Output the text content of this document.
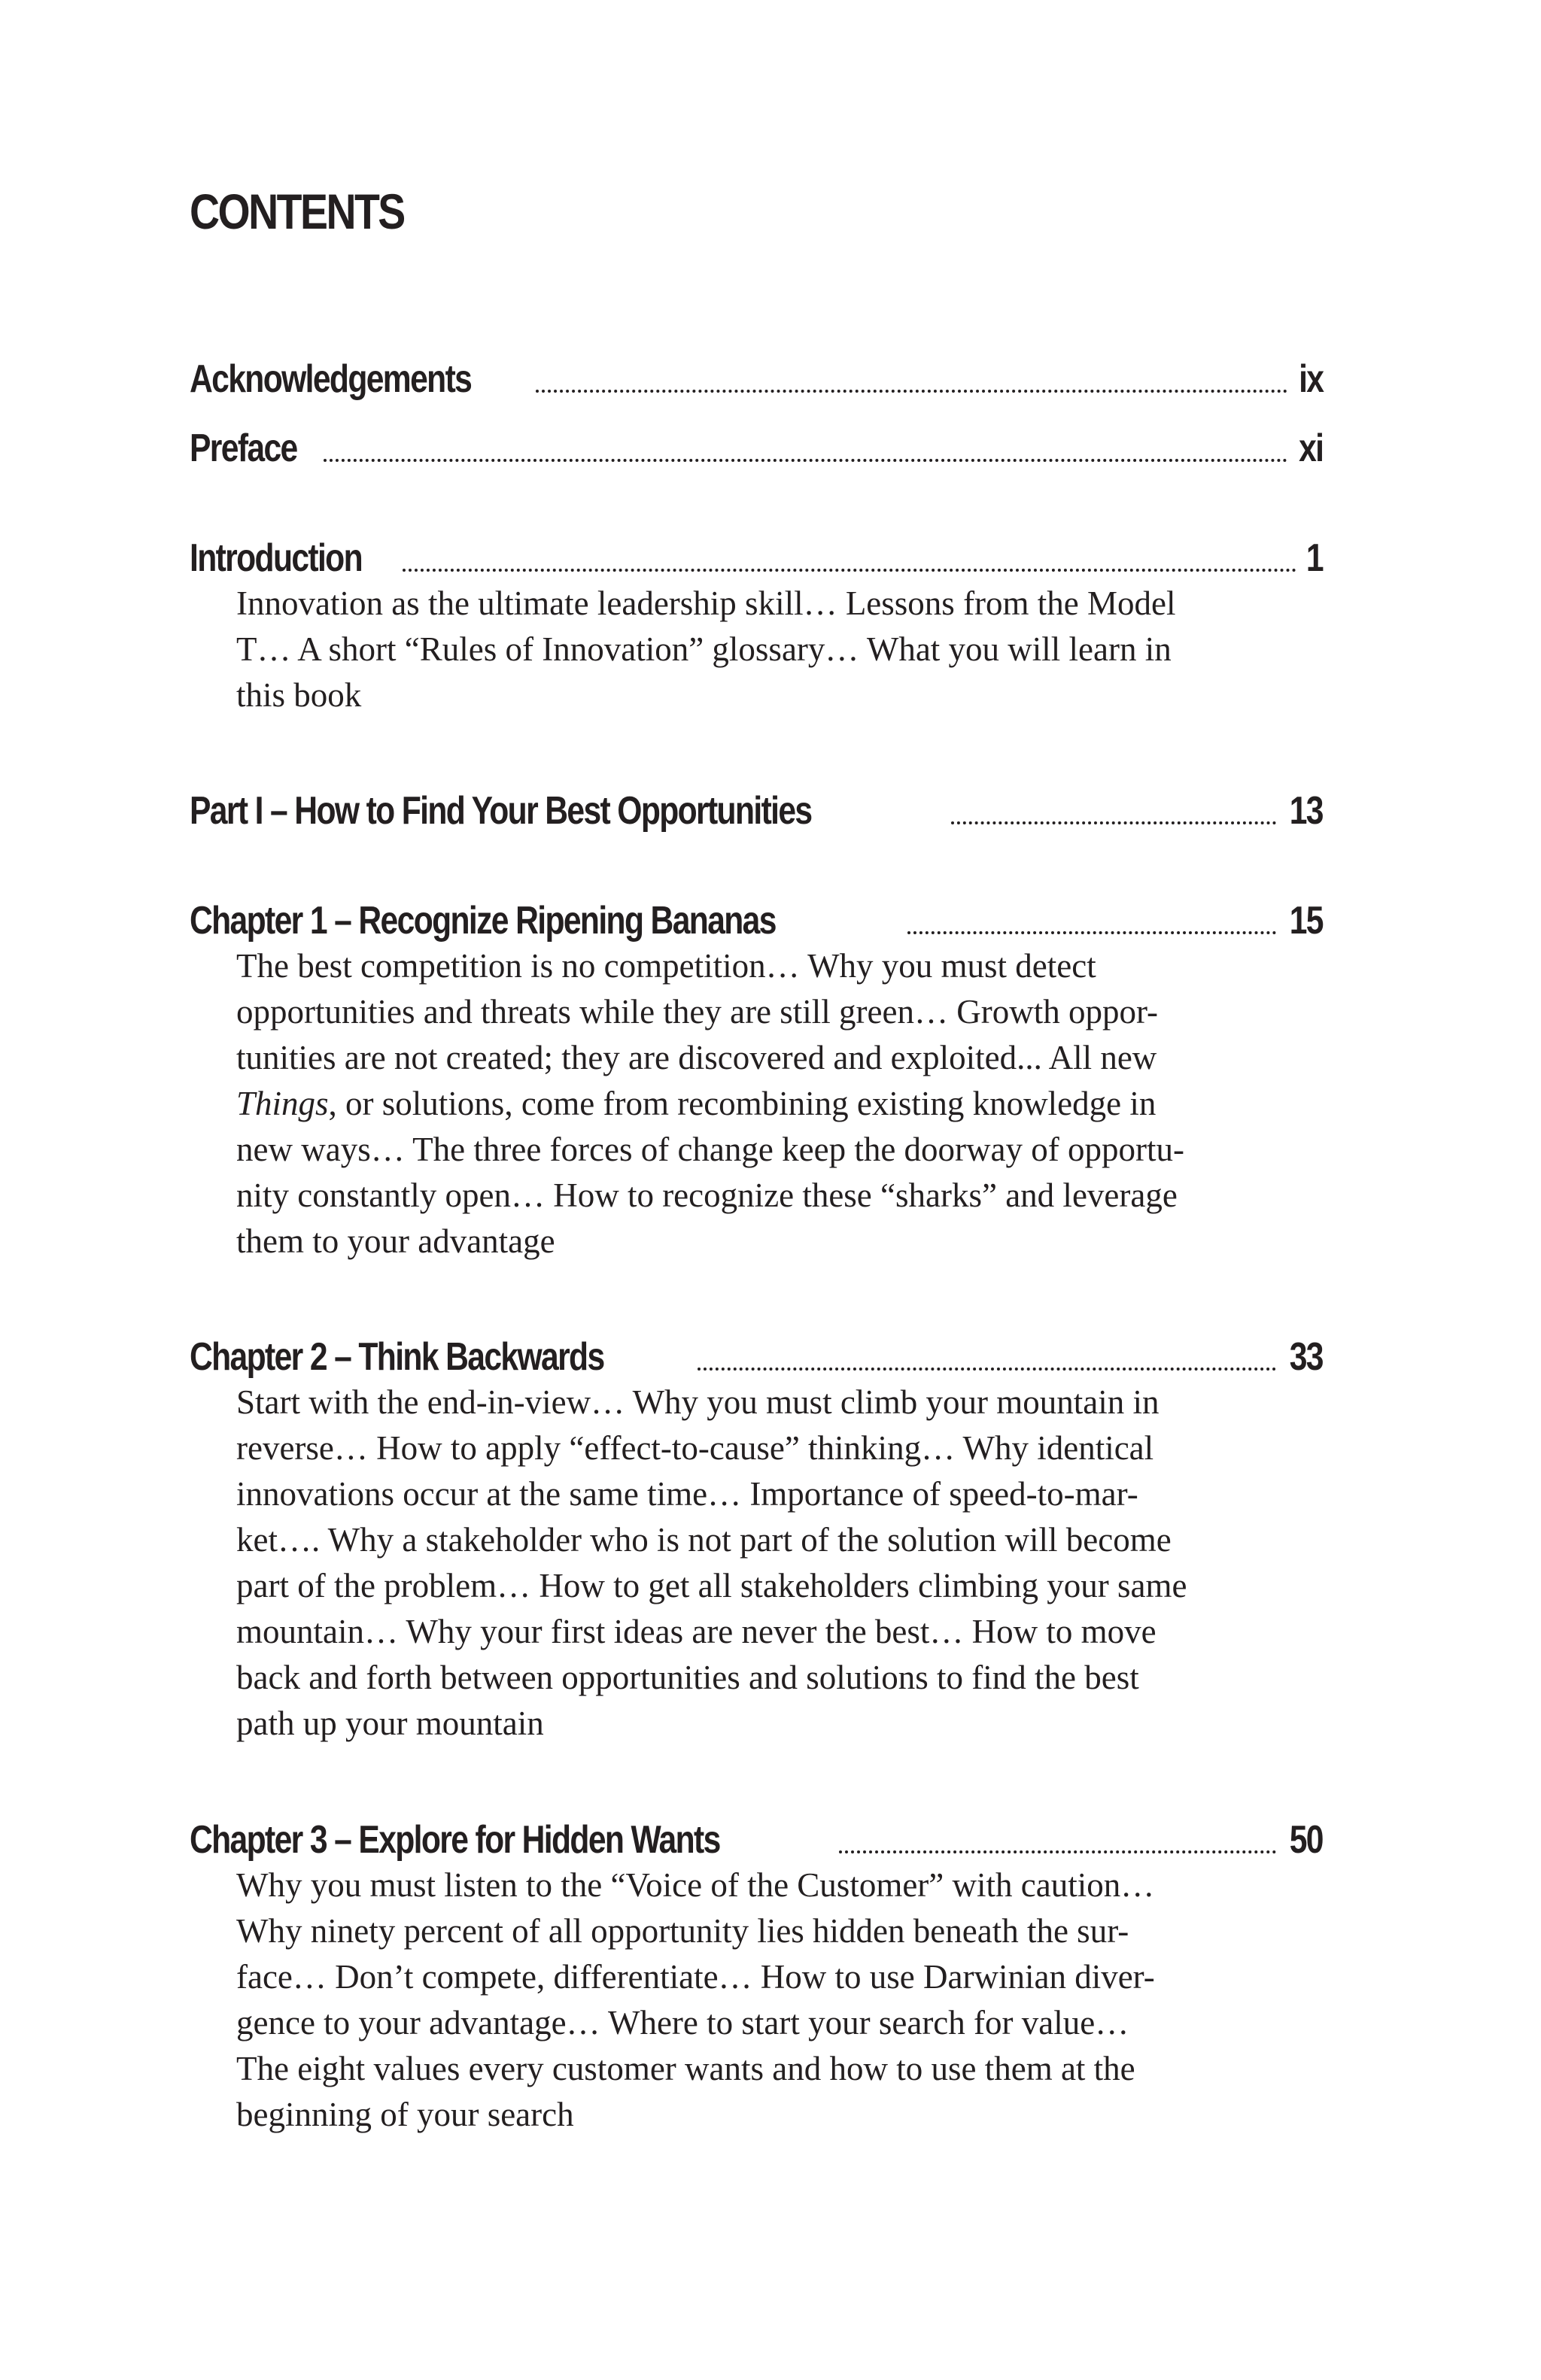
CONTENTS
Acknowledgements	ix
Preface	xi
Introduction	1

Innovation as the ultimate leadership skill… Lessons from the Model
T… A short “Rules of Innovation” glossary… What you will learn in
this book

Part I – How to Find Your Best Opportunities	13
Chapter 1 – Recognize Ripening Bananas	15

The best competition is no competition… Why you must detect
opportunities and threats while they are still green… Growth oppor-
tunities are not created; they are discovered and exploited... All new
Things, or solutions, come from recombining existing knowledge in
new ways… The three forces of change keep the doorway of opportu-
nity constantly open… How to recognize these “sharks” and leverage
them to your advantage

Chapter 2 – Think Backwards	33

Start with the end-in-view… Why you must climb your mountain in
reverse… How to apply “effect-to-cause” thinking… Why identical
innovations occur at the same time… Importance of speed-to-mar-
ket…. Why a stakeholder who is not part of the solution will become
part of the problem… How to get all stakeholders climbing your same
mountain… Why your first ideas are never the best… How to move
back and forth between opportunities and solutions to find the best
path up your mountain

Chapter 3 – Explore for Hidden Wants	50

Why you must listen to the “Voice of the Customer” with caution…
Why ninety percent of all opportunity lies hidden beneath the sur-
face… Don’t compete, differentiate… How to use Darwinian diver-
gence to your advantage… Where to start your search for value…
The eight values every customer wants and how to use them at the
beginning of your search
